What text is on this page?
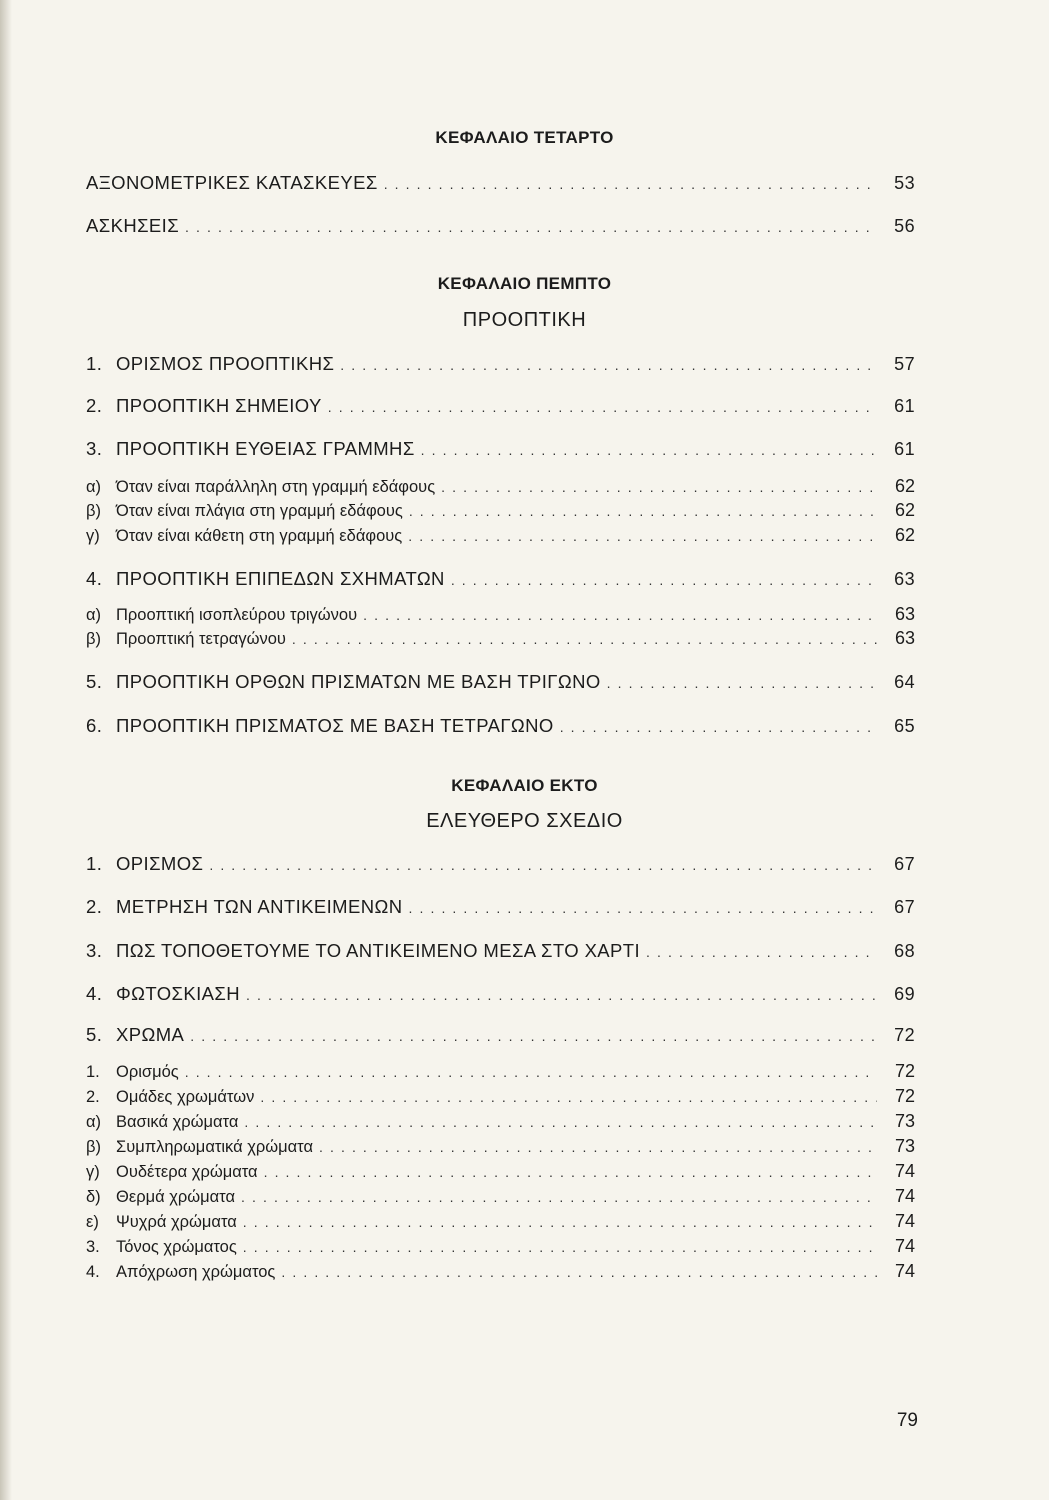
ΚΕΦΑΛΑΙΟ ΤΕΤΑΡΤΟ
ΑΞΟΝΟΜΕΤΡΙΚΕΣ ΚΑΤΑΣΚΕΥΕΣ . . .	53
ΑΣΚΗΣΕΙΣ . . .	56
ΚΕΦΑΛΑΙΟ ΠΕΜΠΤΟ
ΠΡΟΟΠΤΙΚΗ
1. ΟΡΙΣΜΟΣ ΠΡΟΟΠΤΙΚΗΣ . . .	57
2. ΠΡΟΟΠΤΙΚΗ ΣΗΜΕΙΟΥ . . .	61
3. ΠΡΟΟΠΤΙΚΗ ΕΥΘΕΙΑΣ ΓΡΑΜΜΗΣ . . .	61
α) Όταν είναι παράλληλη στη γραμμή εδάφους . . .	62
β) Όταν είναι πλάγια στη γραμμή εδάφους . . .	62
γ) Όταν είναι κάθετη στη γραμμή εδάφους . . .	62
4. ΠΡΟΟΠΤΙΚΗ ΕΠΙΠΕΔΩΝ ΣΧΗΜΑΤΩΝ . . .	63
α) Προοπτική ισοπλεύρου τριγώνου . . .	63
β) Προοπτική τετραγώνου . . .	63
5. ΠΡΟΟΠΤΙΚΗ ΟΡΘΩΝ ΠΡΙΣΜΑΤΩΝ ΜΕ ΒΑΣΗ ΤΡΙΓΩΝΟ . . .	64
6. ΠΡΟΟΠΤΙΚΗ ΠΡΙΣΜΑΤΟΣ ΜΕ ΒΑΣΗ ΤΕΤΡΑΓΩΝΟ . . .	65
ΚΕΦΑΛΑΙΟ ΕΚΤΟ
ΕΛΕΥΘΕΡΟ ΣΧΕΔΙΟ
1. ΟΡΙΣΜΟΣ . . .	67
2. ΜΕΤΡΗΣΗ ΤΩΝ ΑΝΤΙΚΕΙΜΕΝΩΝ . . .	67
3. ΠΩΣ ΤΟΠΟΘΕΤΟΥΜΕ ΤΟ ΑΝΤΙΚΕΙΜΕΝΟ ΜΕΣΑ ΣΤΟ ΧΑΡΤΙ . . .	68
4. ΦΩΤΟΣΚΙΑΣΗ . . .	69
5. ΧΡΩΜΑ . . .	72
1. Ορισμός . . .	72
2. Ομάδες χρωμάτων . . .	72
α) Βασικά χρώματα . . .	73
β) Συμπληρωματικά χρώματα . . .	73
γ) Ουδέτερα χρώματα . . .	74
δ) Θερμά χρώματα . . .	74
ε)	Ψυχρά χρώματα . . .	74
3. Τόνος χρώματος . . .	74
4. Απόχρωση χρώματος . . .	74
79
